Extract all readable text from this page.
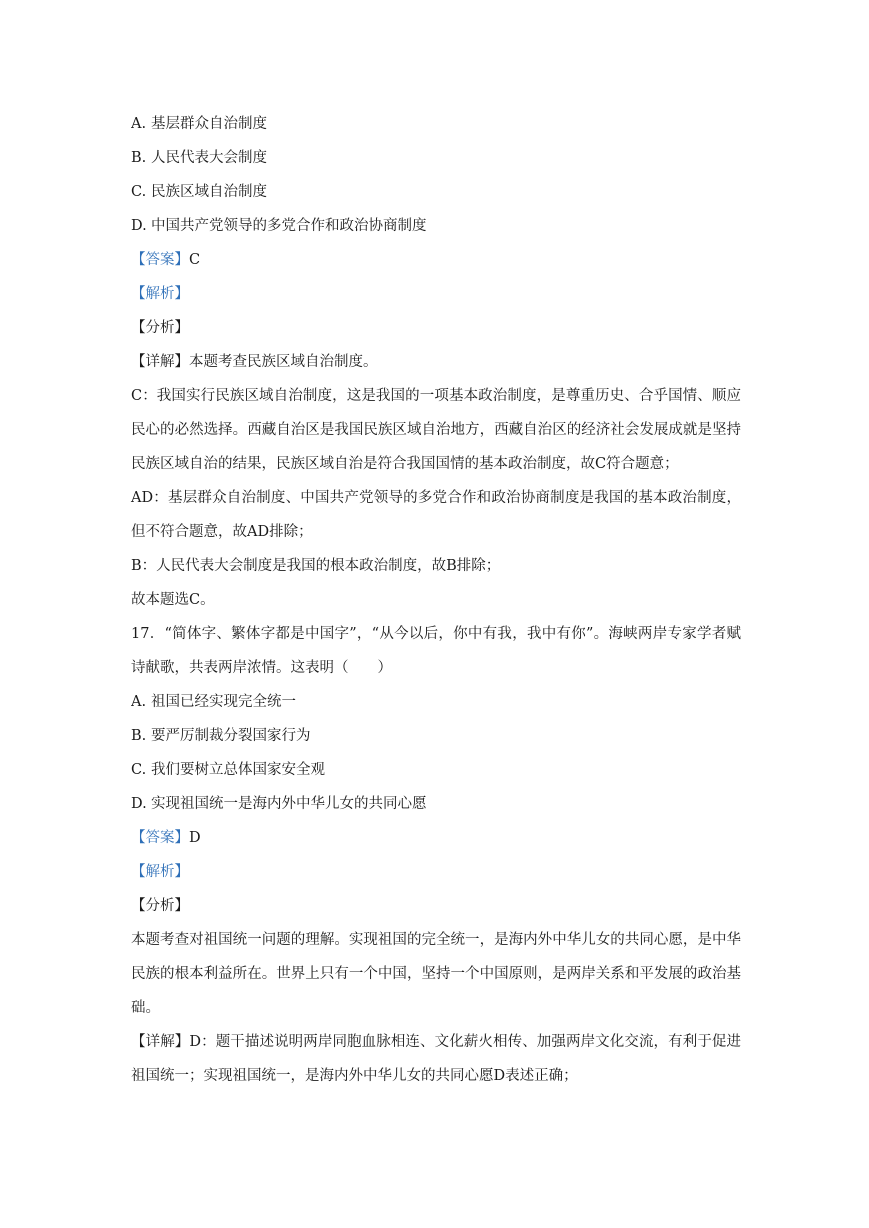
A. 基层群众自治制度

B. 人民代表大会制度

C. 民族区域自治制度

D. 中国共产党领导的多党合作和政治协商制度

【答案】C

【解析】

【分析】

【详解】本题考查民族区域自治制度。

C：我国实行民族区域自治制度，这是我国的一项基本政治制度，是尊重历史、合乎国情、顺应民心的必然选择。西藏自治区是我国民族区域自治地方，西藏自治区的经济社会发展成就是坚持民族区域自治的结果，民族区域自治是符合我国国情的基本政治制度，故C符合题意；

AD：基层群众自治制度、中国共产党领导的多党合作和政治协商制度是我国的基本政治制度，但不符合题意，故AD排除；

B：人民代表大会制度是我国的根本政治制度，故B排除；

故本题选C。

17．“简体字、繁体字都是中国字”，“从今以后，你中有我，我中有你”。海峡两岸专家学者赋诗献歌，共表两岸浓情。这表明（　　）

A. 祖国已经实现完全统一

B. 要严厉制裁分裂国家行为

C. 我们要树立总体国家安全观

D. 实现祖国统一是海内外中华儿女的共同心愿

【答案】D

【解析】

【分析】

本题考查对祖国统一问题的理解。实现祖国的完全统一，是海内外中华儿女的共同心愿，是中华民族的根本利益所在。世界上只有一个中国，坚持一个中国原则，是两岸关系和平发展的政治基础。

【详解】D：题干描述说明两岸同胞血脉相连、文化薪火相传、加强两岸文化交流，有利于促进祖国统一；实现祖国统一，是海内外中华儿女的共同心愿D表述正确；
